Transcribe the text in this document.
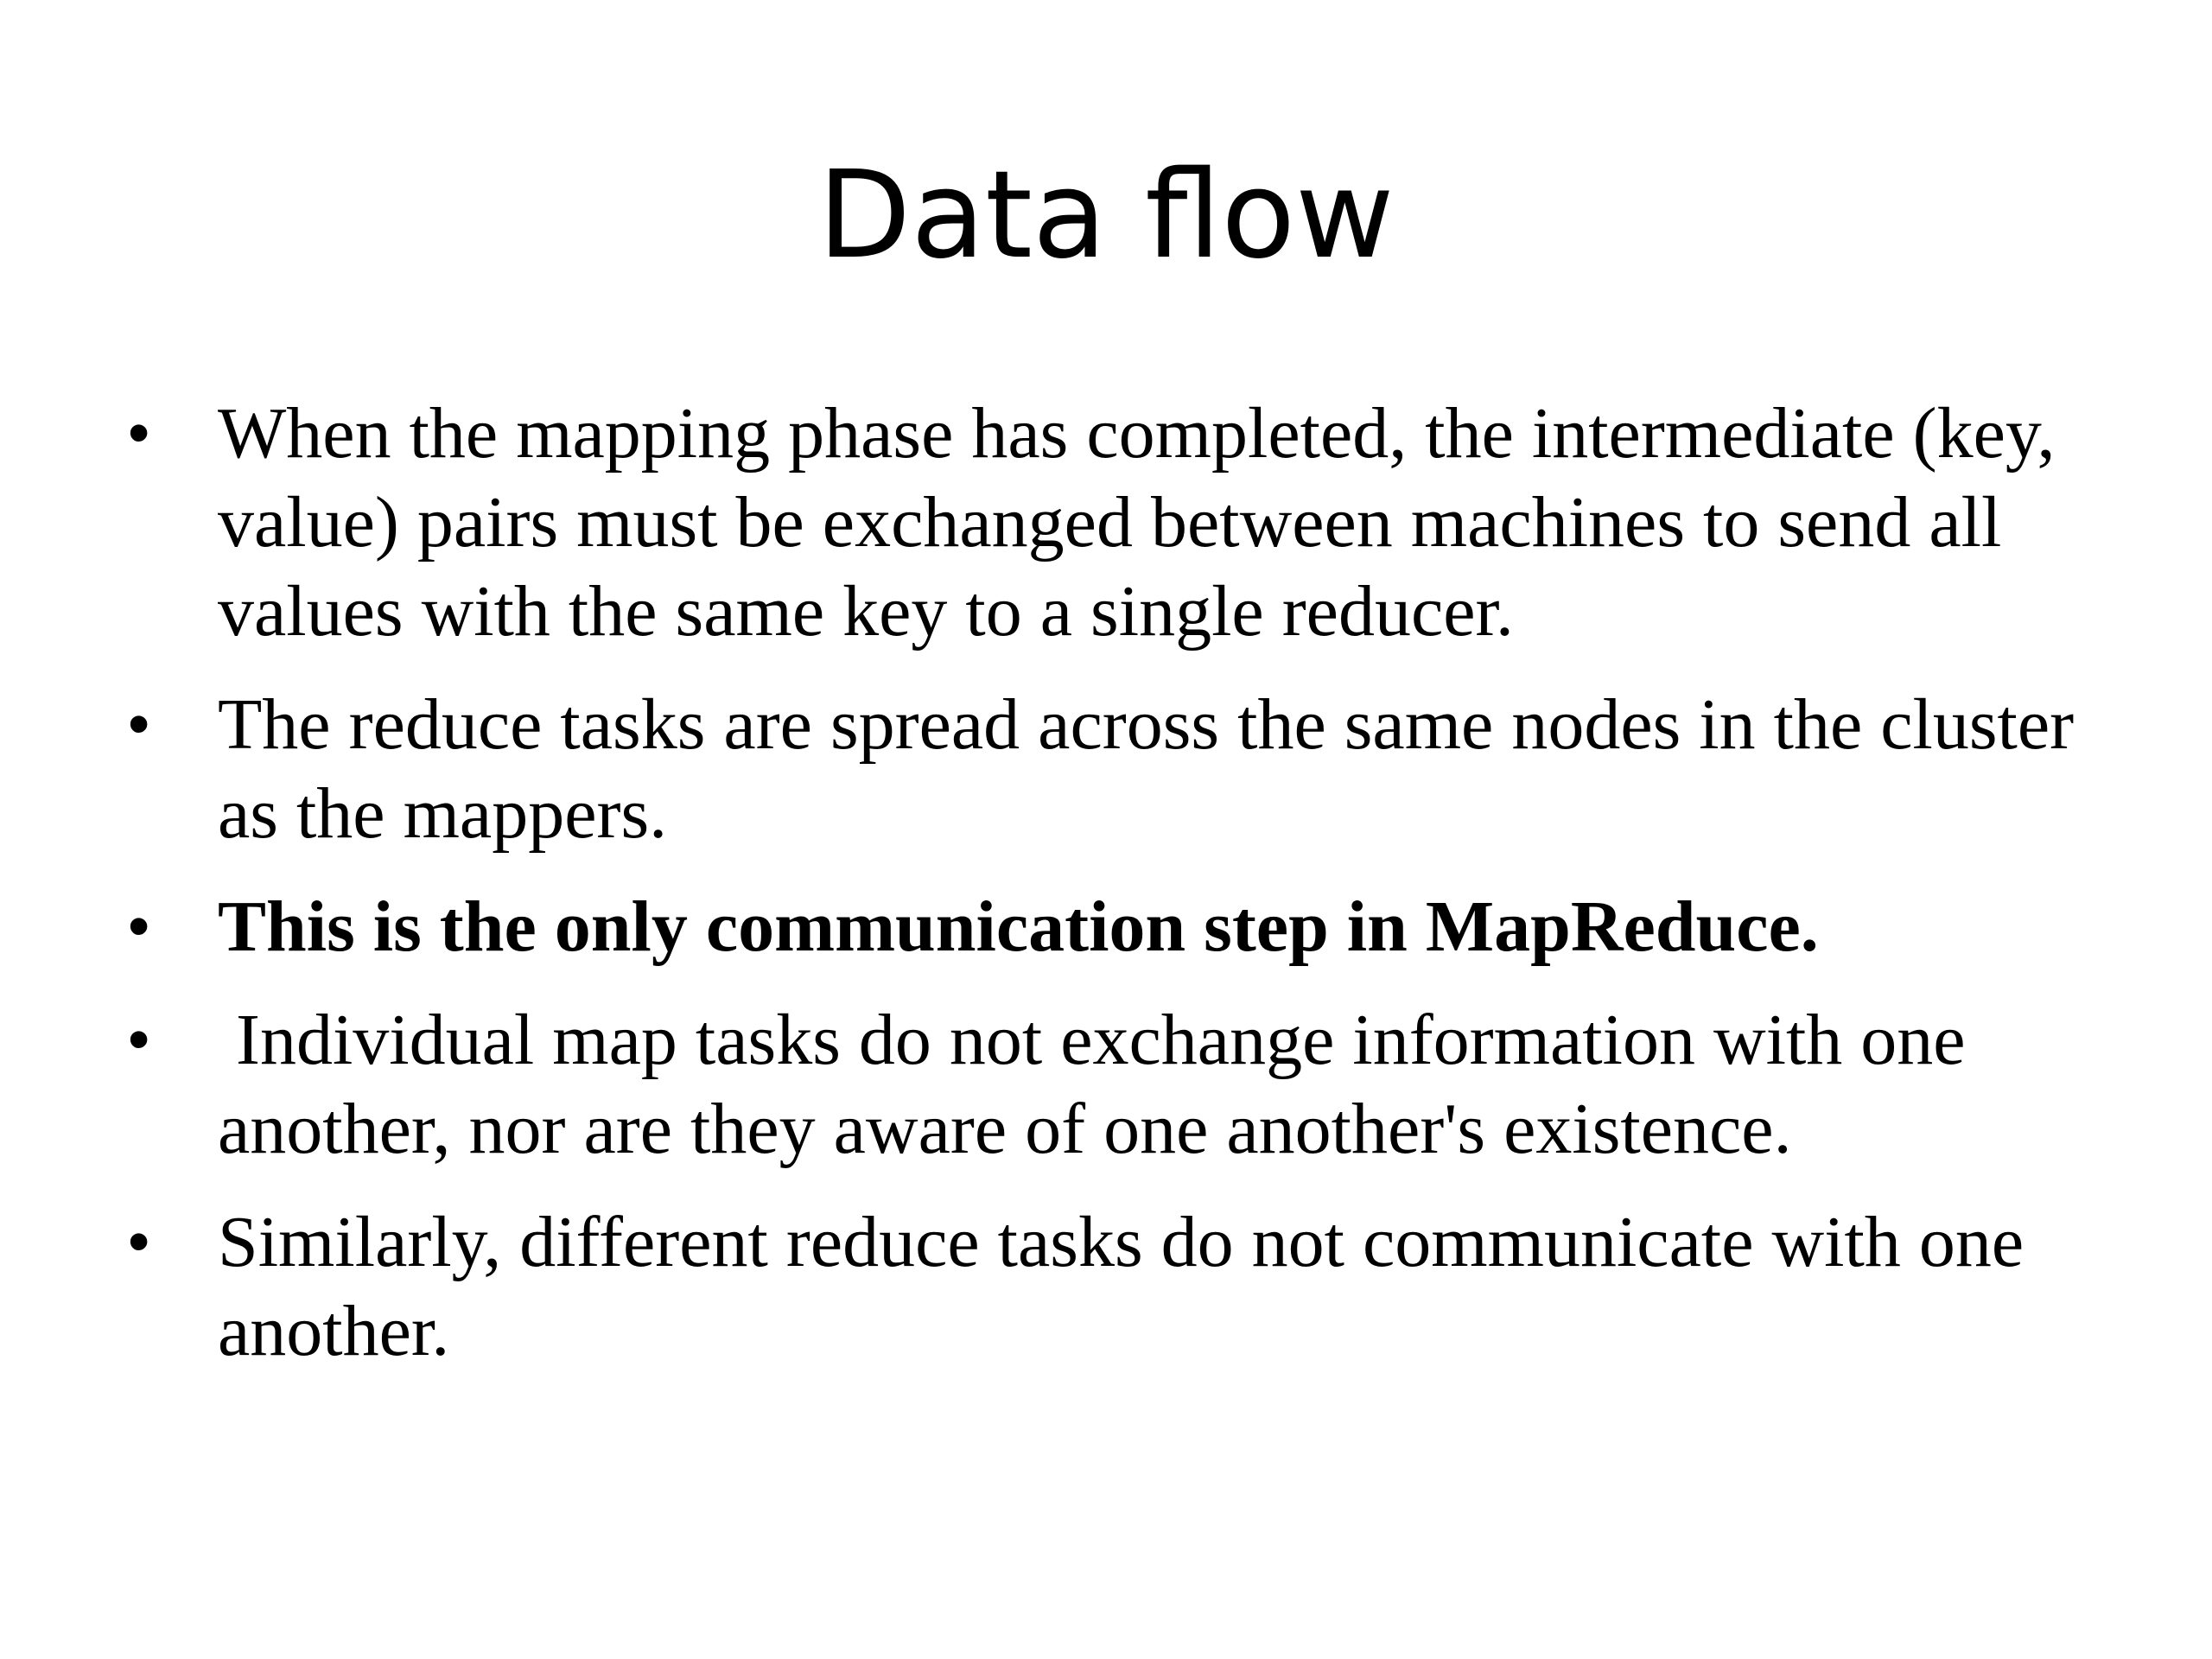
Data flow
• When the mapping phase has completed, the intermediate (key, value) pairs must be exchanged between machines to send all values with the same key to a single reducer.
• The reduce tasks are spread across the same nodes in the cluster as the mappers.
• This is the only communication step in MapReduce.
• Individual map tasks do not exchange information with one another, nor are they aware of one another's existence.
• Similarly, different reduce tasks do not communicate with one another.
